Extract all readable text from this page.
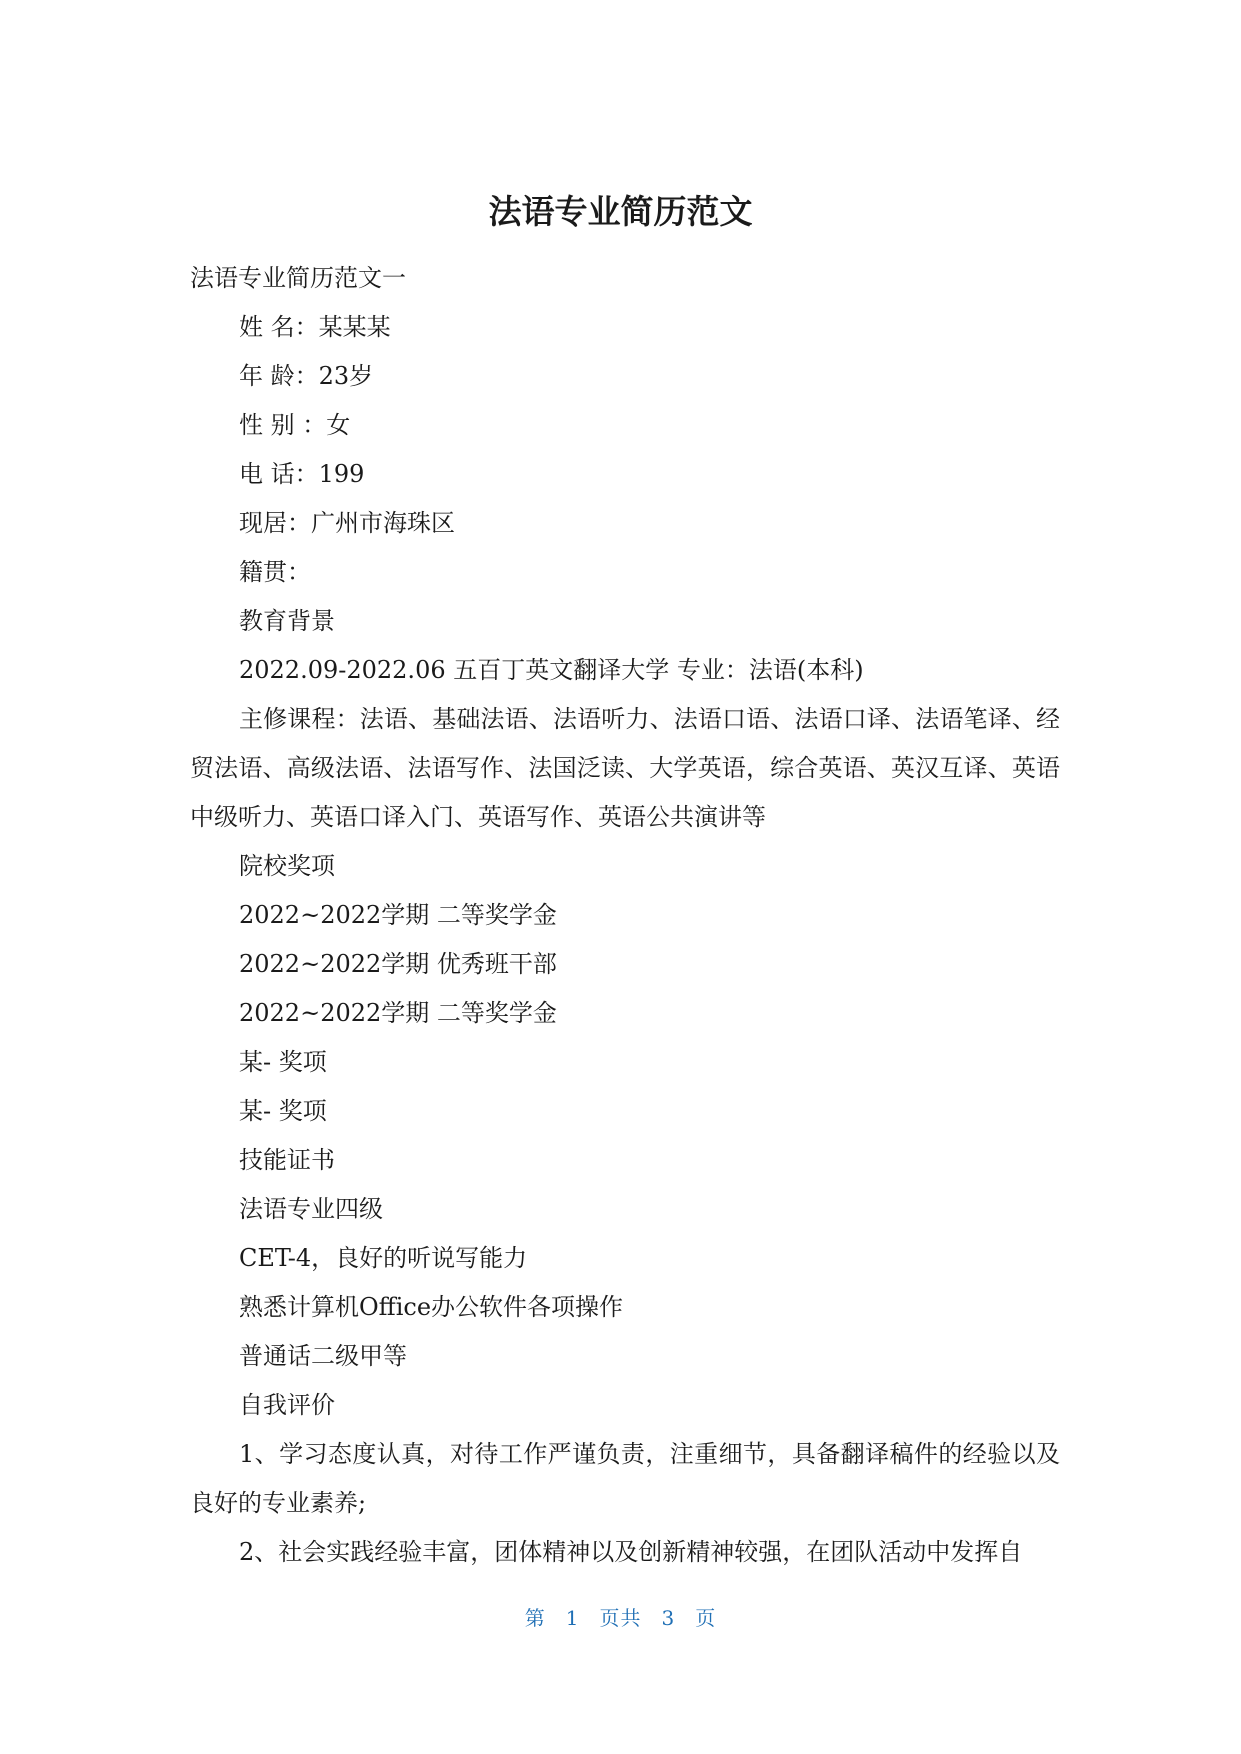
法语专业简历范文
法语专业简历范文一
姓 名：某某某
年 龄：23岁
性 别 ：女
电 话：199
现居：广州市海珠区
籍贯：
教育背景
2022.09-2022.06 五百丁英文翻译大学 专业：法语(本科)
主修课程：法语、基础法语、法语听力、法语口语、法语口译、法语笔译、经贸法语、高级法语、法语写作、法国泛读、大学英语，综合英语、英汉互译、英语中级听力、英语口译入门、英语写作、英语公共演讲等
院校奖项
2022~2022学期 二等奖学金
2022~2022学期 优秀班干部
2022~2022学期 二等奖学金
某- 奖项
某- 奖项
技能证书
法语专业四级
CET-4，良好的听说写能力
熟悉计算机Office办公软件各项操作
普通话二级甲等
自我评价
1、学习态度认真，对待工作严谨负责，注重细节，具备翻译稿件的经验以及良好的专业素养;
2、社会实践经验丰富，团体精神以及创新精神较强，在团队活动中发挥自
第 1 页共 3 页
